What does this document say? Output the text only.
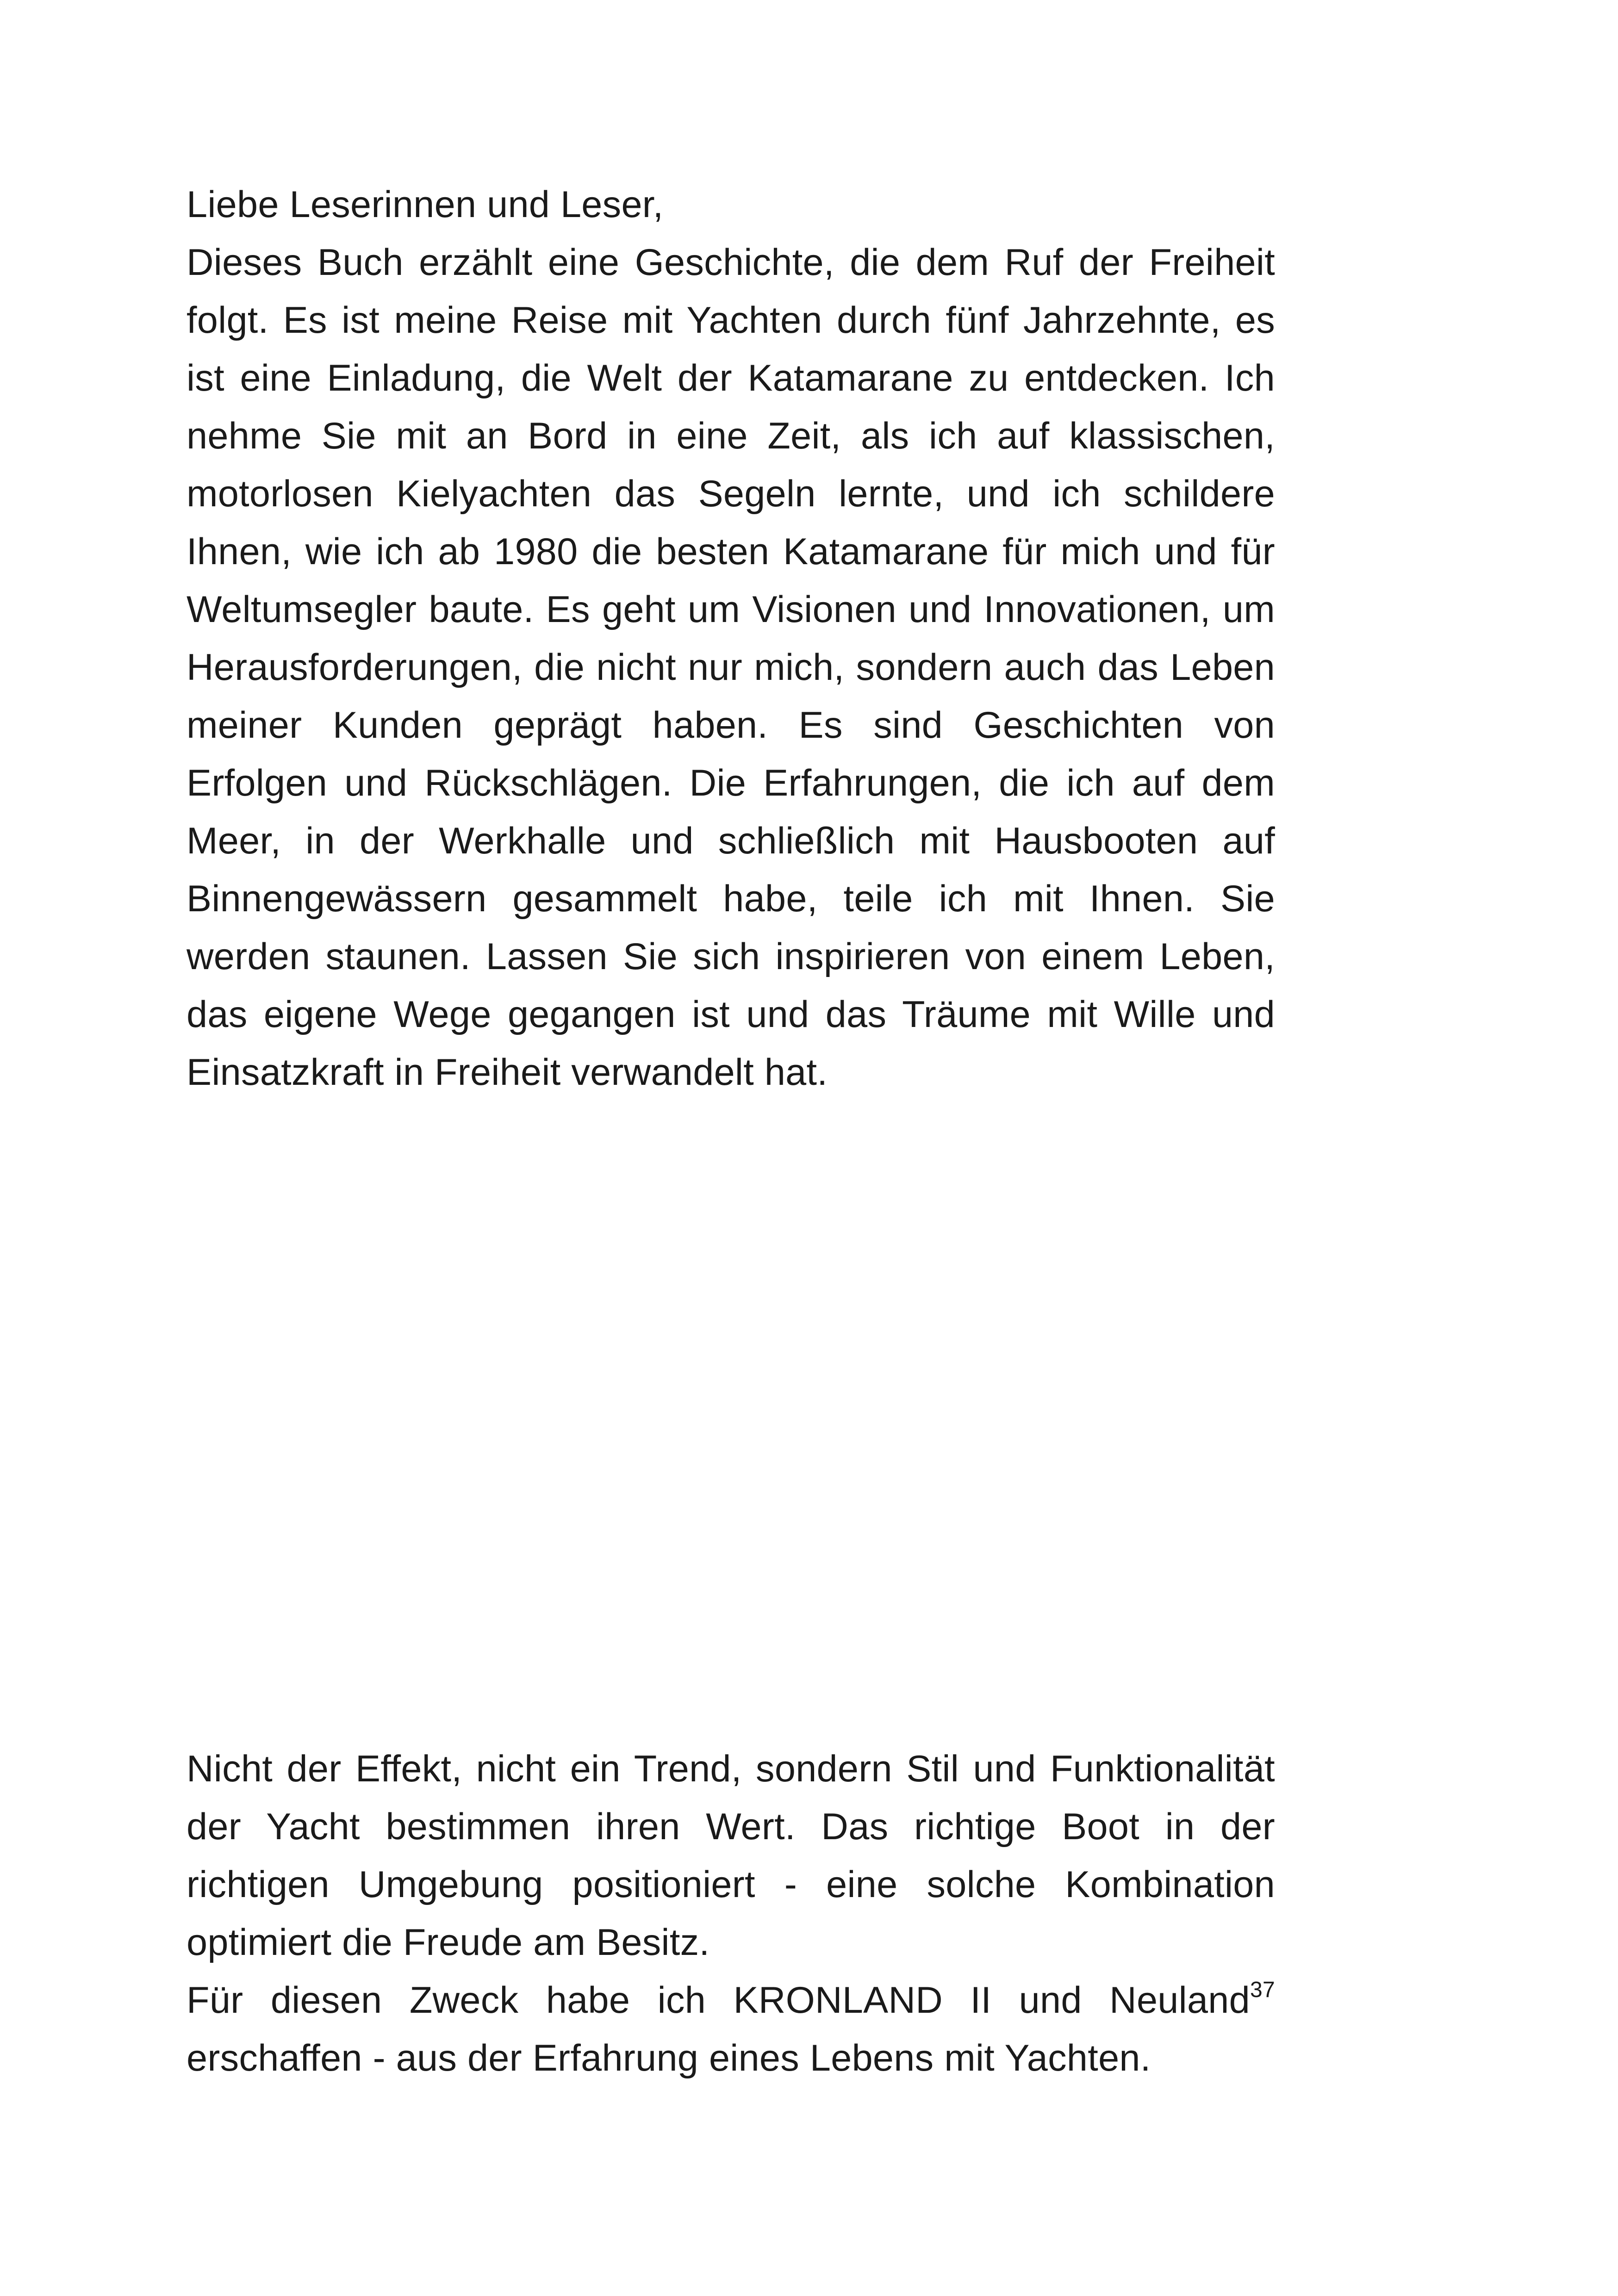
Liebe Leserinnen und Leser,

Dieses Buch erzählt eine Geschichte, die dem Ruf der Freiheit folgt. Es ist meine Reise mit Yachten durch fünf Jahrzehnte, es ist eine Einladung, die Welt der Katamarane zu entdecken. Ich nehme Sie mit an Bord in eine Zeit, als ich auf klassischen, motorlosen Kielyachten das Segeln lernte, und ich schildere Ihnen, wie ich ab 1980 die besten Katamarane für mich und für Weltumsegler baute. Es geht um Visionen und Innovationen, um Herausforderungen, die nicht nur mich, sondern auch das Leben meiner Kunden geprägt haben. Es sind Geschichten von Erfolgen und Rückschlägen. Die Erfahrungen, die ich auf dem Meer, in der Werkhalle und schließlich mit Hausbooten auf Binnengewässern gesammelt habe, teile ich mit Ihnen. Sie werden staunen. Lassen Sie sich inspirieren von einem Leben, das eigene Wege gegangen ist und das Träume mit Wille und Einsatzkraft in Freiheit verwandelt hat.

Nicht der Effekt, nicht ein Trend, sondern Stil und Funktionalität der Yacht bestimmen ihren Wert. Das richtige Boot in der richtigen Umgebung positioniert - eine solche Kombination optimiert die Freude am Besitz.

Für diesen Zweck habe ich KRONLAND II und Neuland$^{37}$ erschaffen - aus der Erfahrung eines Lebens mit Yachten.
